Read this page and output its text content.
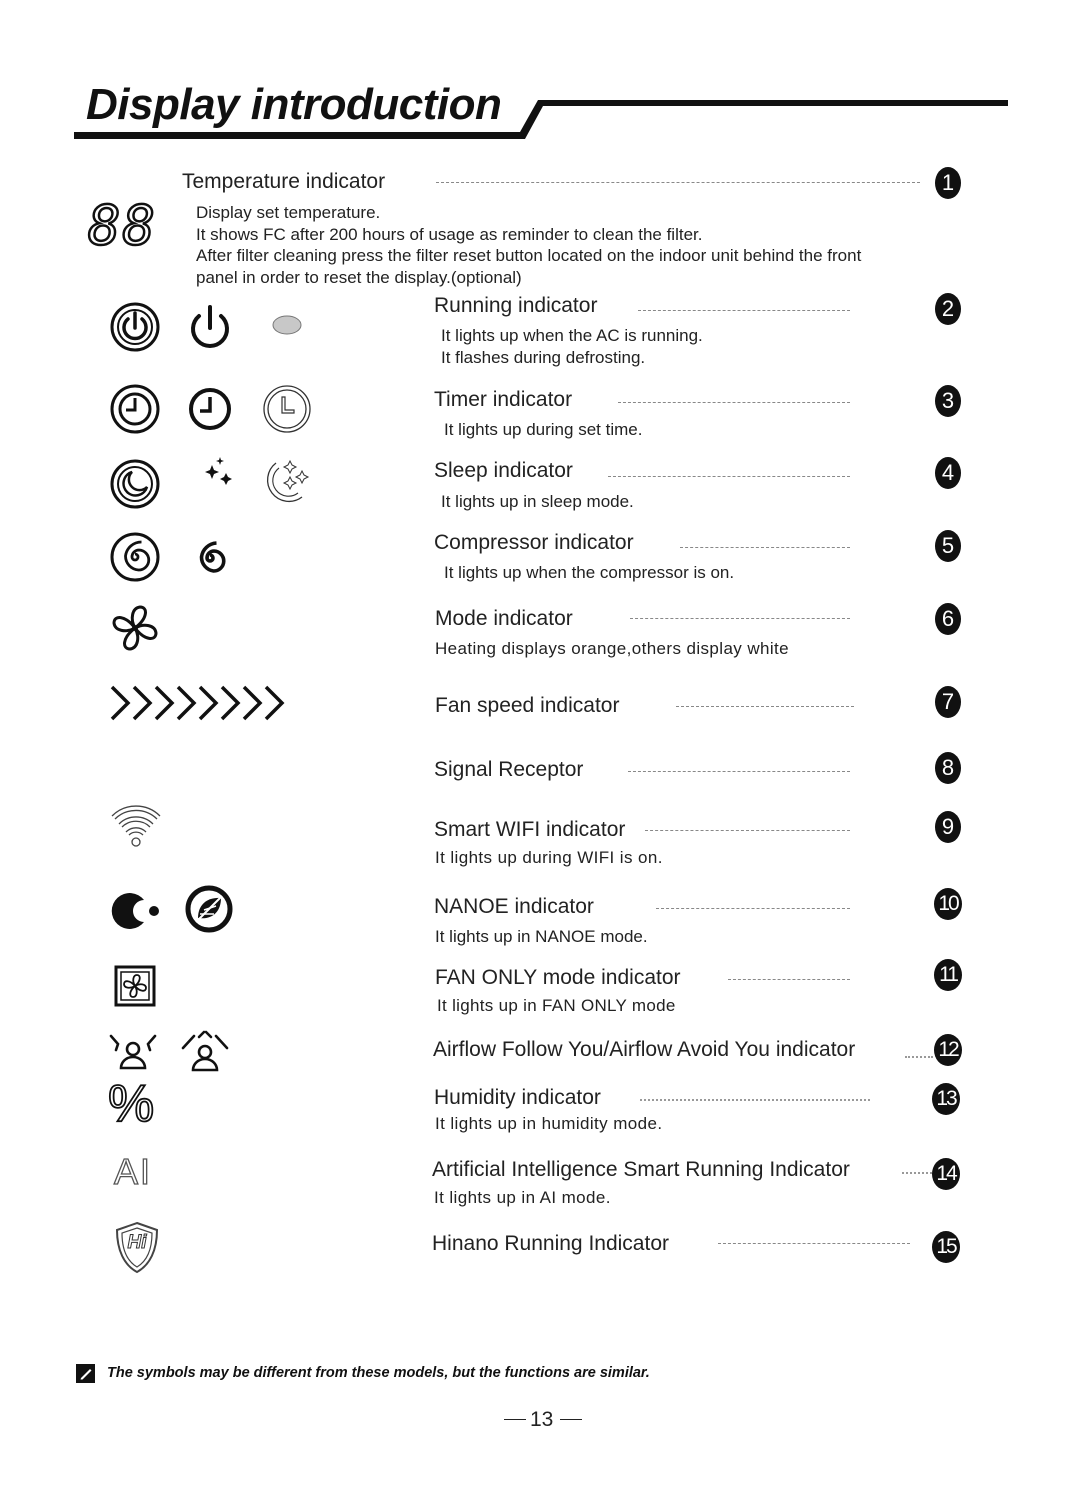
Display introduction
Temperature indicator	1
Display set temperature.
It shows FC after 200 hours of usage as reminder to clean the filter.
After filter cleaning press the filter reset button located on the indoor unit behind the front
panel in order to reset the display.(optional)
88
Running indicator	2
It lights up when the AC is running.
It flashes during defrosting.
Timer indicator	3
It lights up during set time.
Sleep indicator	4
It lights up in sleep mode.
Compressor indicator	5
It lights up when the compressor is on.
Mode indicator	6
Heating displays orange,others display white
Fan speed indicator	7
Signal Receptor	8
Smart WIFI indicator	9
It lights up during WIFI is on.
NANOE indicator	10
It lights up in NANOE mode.
FAN ONLY mode indicator	11
It lights up in FAN ONLY mode
Airflow Follow You/Airflow Avoid You indicator	12
Humidity indicator	13
It lights up in humidity mode.
Artificial Intelligence Smart Running Indicator	14
It lights up in AI mode.
Hinano Running Indicator	15
%
AI
Hi
The symbols may be different from these models, but the functions are similar.
13
